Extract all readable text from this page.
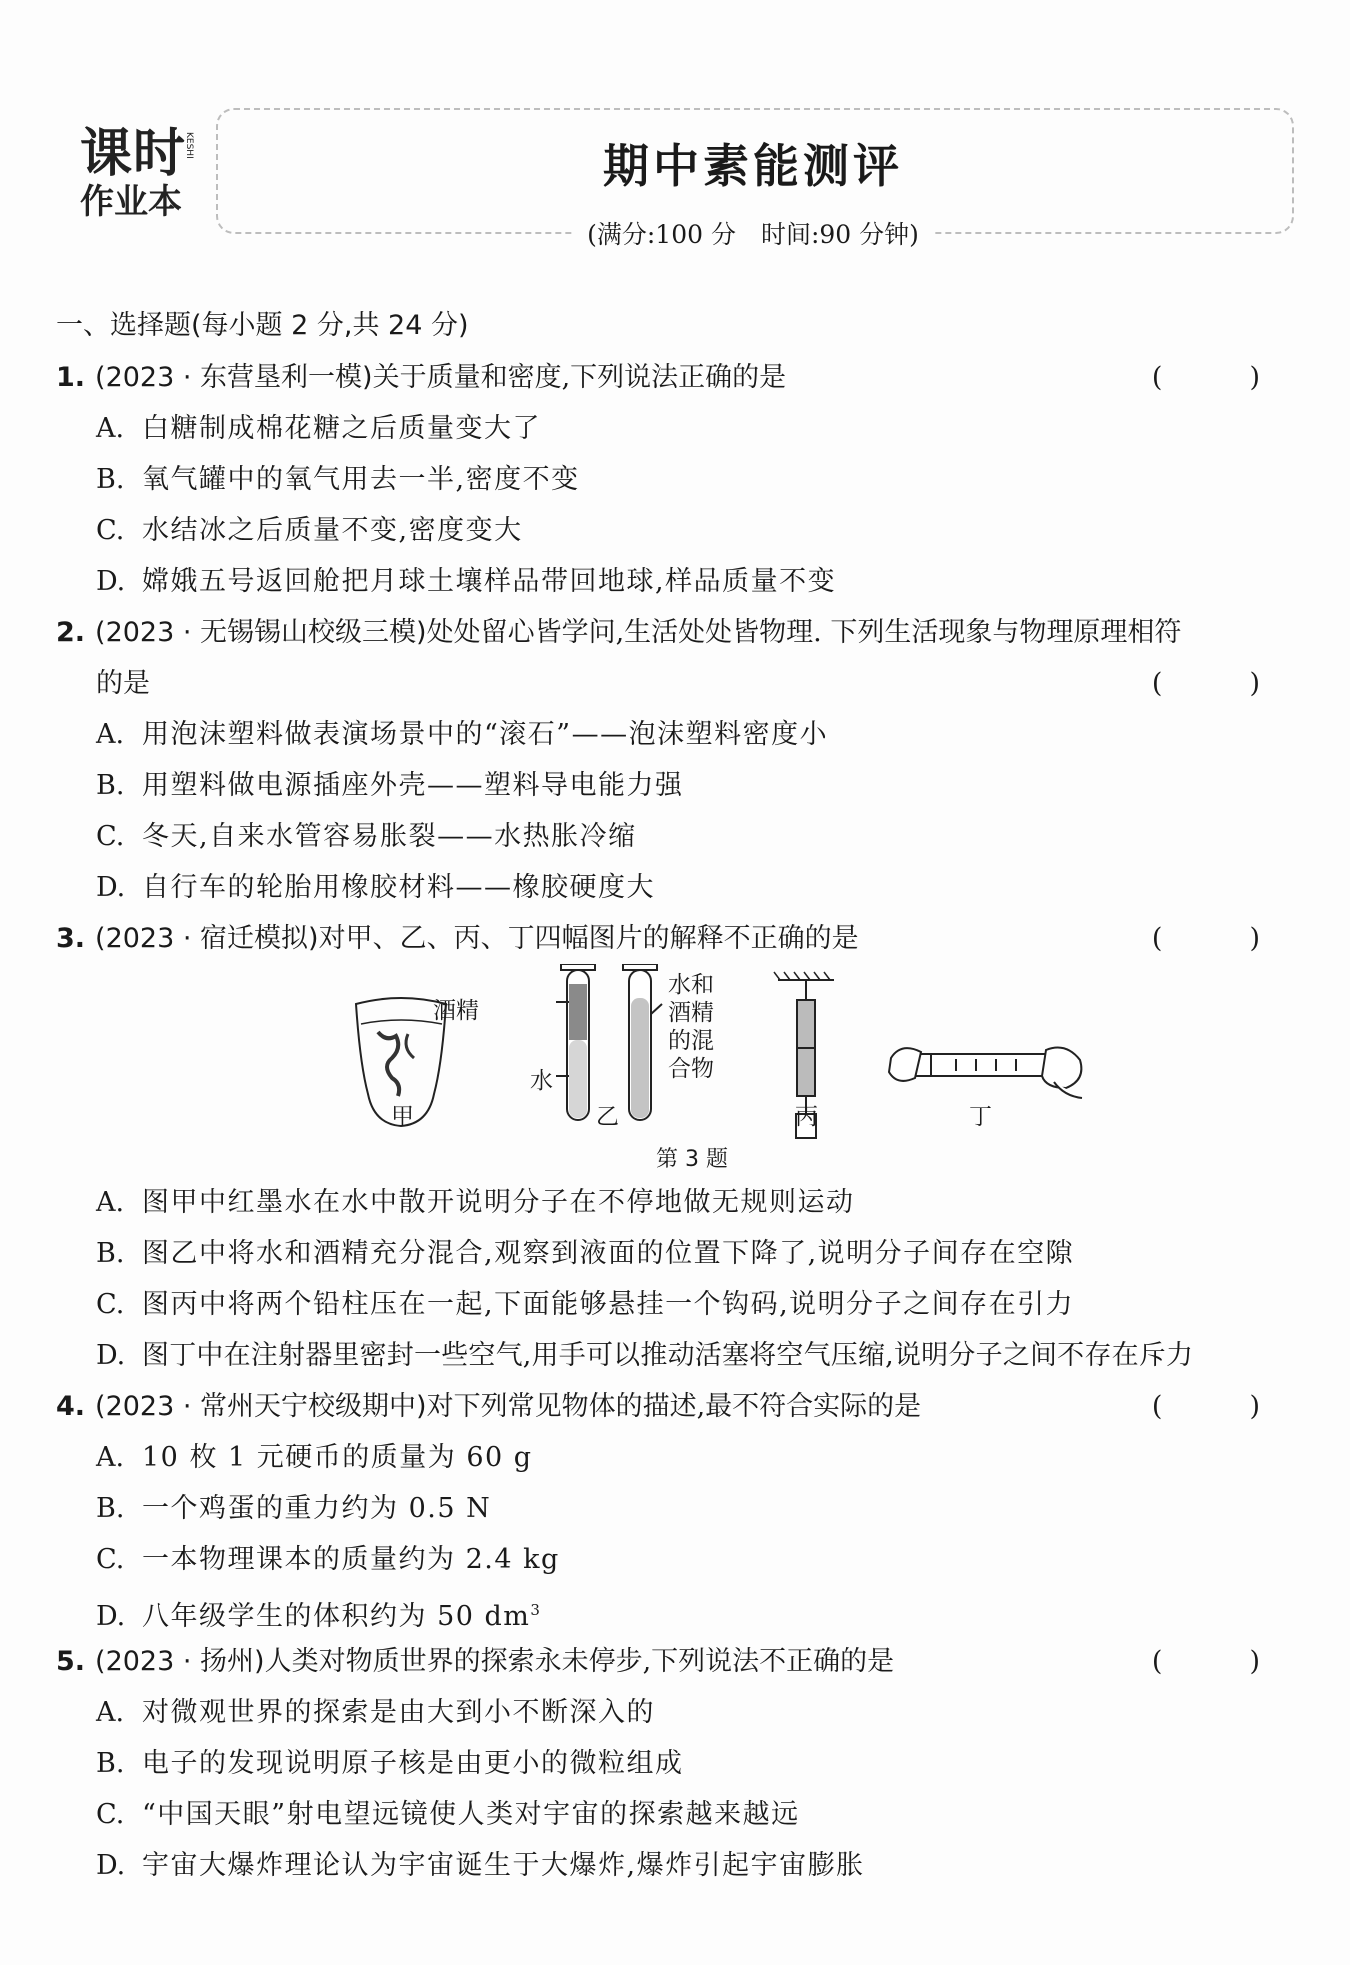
课时
作业本
KESHI	期中素能测评
(满分:100 分　时间:90 分钟)
一、选择题(每小题 2 分,共 24 分)
1. (2023 · 东营垦利一模)关于质量和密度,下列说法正确的是	(　)
A. 白糖制成棉花糖之后质量变大了
B. 氧气罐中的氧气用去一半,密度不变
C. 水结冰之后质量不变,密度变大
D. 嫦娥五号返回舱把月球土壤样品带回地球,样品质量不变
2. (2023 · 无锡锡山校级三模)处处留心皆学问,生活处处皆物理. 下列生活现象与物理原理相符
的是	(　)
A. 用泡沫塑料做表演场景中的“滚石”——泡沫塑料密度小
B. 用塑料做电源插座外壳——塑料导电能力强
C. 冬天,自来水管容易胀裂——水热胀冷缩
D. 自行车的轮胎用橡胶材料——橡胶硬度大
3. (2023 · 宿迁模拟)对甲、乙、丙、丁四幅图片的解释不正确的是	(　)
酒精
水
水和
酒精
的混
合物
甲	乙	丙	丁
第 3 题
A. 图甲中红墨水在水中散开说明分子在不停地做无规则运动
B. 图乙中将水和酒精充分混合,观察到液面的位置下降了,说明分子间存在空隙
C. 图丙中将两个铅柱压在一起,下面能够悬挂一个钩码,说明分子之间存在引力
D. 图丁中在注射器里密封一些空气,用手可以推动活塞将空气压缩,说明分子之间不存在斥力
4. (2023 · 常州天宁校级期中)对下列常见物体的描述,最不符合实际的是	(　)
A. 10 枚 1 元硬币的质量为 60 g
B. 一个鸡蛋的重力约为 0.5 N
C. 一本物理课本的质量约为 2.4 kg
D. 八年级学生的体积约为 50 $dm^3$
5. (2023 · 扬州)人类对物质世界的探索永未停步,下列说法不正确的是	(　)
A. 对微观世界的探索是由大到小不断深入的
B. 电子的发现说明原子核是由更小的微粒组成
C. “中国天眼”射电望远镜使人类对宇宙的探索越来越远
D. 宇宙大爆炸理论认为宇宙诞生于大爆炸,爆炸引起宇宙膨胀
